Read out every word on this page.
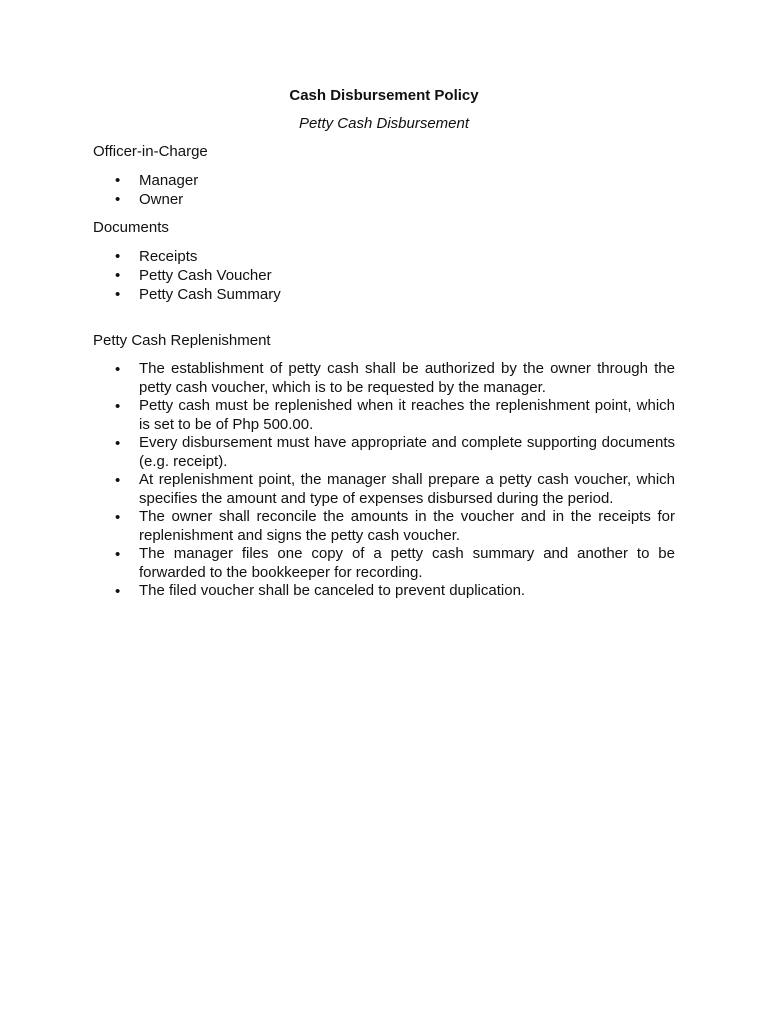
Cash Disbursement Policy
Petty Cash Disbursement
Officer-in-Charge
• Manager
• Owner
Documents
• Receipts
• Petty Cash Voucher
• Petty Cash Summary
Petty Cash Replenishment
• The establishment of petty cash shall be authorized by the owner through the petty cash voucher, which is to be requested by the manager.
• Petty cash must be replenished when it reaches the replenishment point, which is set to be of Php 500.00.
• Every disbursement must have appropriate and complete supporting documents (e.g. receipt).
• At replenishment point, the manager shall prepare a petty cash voucher, which specifies the amount and type of expenses disbursed during the period.
• The owner shall reconcile the amounts in the voucher and in the receipts for replenishment and signs the petty cash voucher.
• The manager files one copy of a petty cash summary and another to be forwarded to the bookkeeper for recording.
• The filed voucher shall be canceled to prevent duplication.
